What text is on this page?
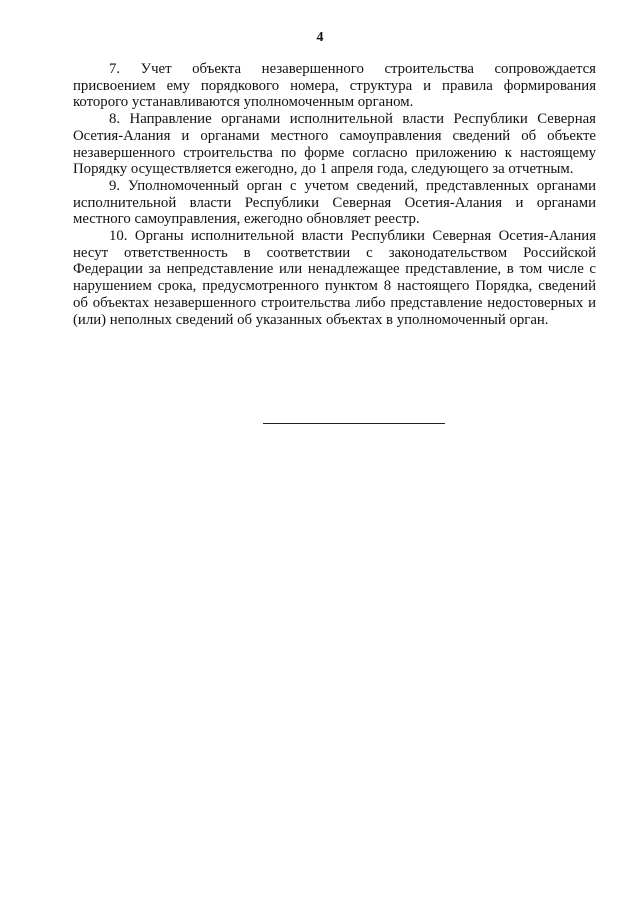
4

7. Учет объекта незавершенного строительства сопровождается присвоением ему порядкового номера, структура и правила формирования которого устанавливаются уполномоченным органом.

8. Направление органами исполнительной власти Республики Северная Осетия-Алания и органами местного самоуправления сведений об объекте незавершенного строительства по форме согласно приложению к настоящему Порядку осуществляется ежегодно, до 1 апреля года, следующего за отчетным.

9. Уполномоченный орган с учетом сведений, представленных органами исполнительной власти Республики Северная Осетия-Алания и органами местного самоуправления, ежегодно обновляет реестр.

10. Органы исполнительной власти Республики Северная Осетия-Алания несут ответственность в соответствии с законодательством Российской Федерации за непредставление или ненадлежащее представление, в том числе с нарушением срока, предусмотренного пунктом 8 настоящего Порядка, сведений об объектах незавершенного строительства либо представление недостоверных и (или) неполных сведений об указанных объектах в уполномоченный орган.
